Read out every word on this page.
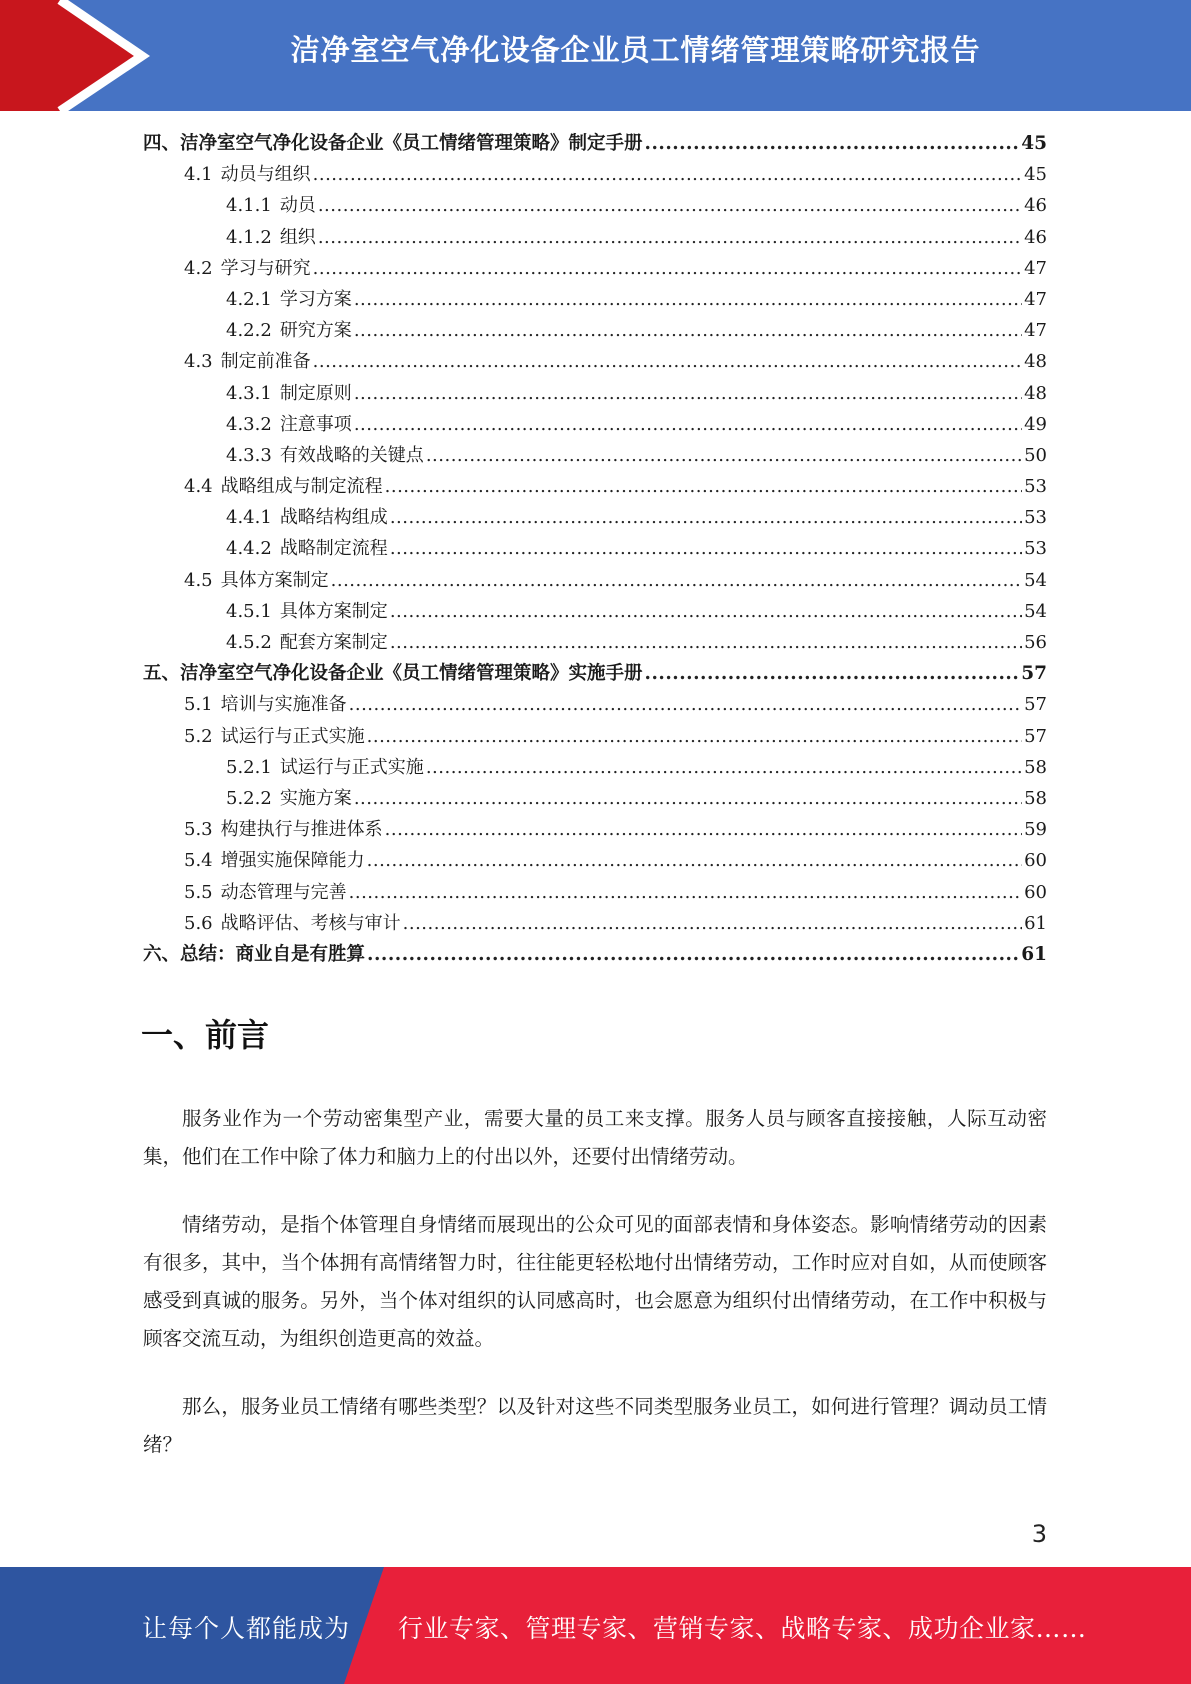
洁净室空气净化设备企业员工情绪管理策略研究报告
四、洁净室空气净化设备企业《员工情绪管理策略》制定手册 .....	45
4.1 动员与组织 .....	45
4.1.1 动员 .....	46
4.1.2 组织 .....	46
4.2 学习与研究 .....	47
4.2.1 学习方案 .....	47
4.2.2 研究方案 .....	47
4.3 制定前准备 .....	48
4.3.1 制定原则 .....	48
4.3.2 注意事项 .....	49
4.3.3 有效战略的关键点 .....	50
4.4 战略组成与制定流程 .....	53
4.4.1 战略结构组成 .....	53
4.4.2 战略制定流程 .....	53
4.5 具体方案制定 .....	54
4.5.1 具体方案制定 .....	54
4.5.2 配套方案制定 .....	56
五、洁净室空气净化设备企业《员工情绪管理策略》实施手册 .....	57
5.1 培训与实施准备 .....	57
5.2 试运行与正式实施 .....	57
5.2.1 试运行与正式实施 .....	58
5.2.2 实施方案 .....	58
5.3 构建执行与推进体系 .....	59
5.4 增强实施保障能力 .....	60
5.5 动态管理与完善 .....	60
5.6 战略评估、考核与审计 .....	61
六、总结：商业自是有胜算 .....	61
一、前言

服务业作为一个劳动密集型产业，需要大量的员工来支撑。服务人员与顾客直接接触，人际互动密集，他们在工作中除了体力和脑力上的付出以外，还要付出情绪劳动。

情绪劳动，是指个体管理自身情绪而展现出的公众可见的面部表情和身体姿态。影响情绪劳动的因素有很多，其中，当个体拥有高情绪智力时，往往能更轻松地付出情绪劳动，工作时应对自如，从而使顾客感受到真诚的服务。另外，当个体对组织的认同感高时，也会愿意为组织付出情绪劳动，在工作中积极与顾客交流互动，为组织创造更高的效益。

那么，服务业员工情绪有哪些类型？以及针对这些不同类型服务业员工，如何进行管理？调动员工情绪？

3
让每个人都能成为 行业专家、管理专家、营销专家、战略专家、成功企业家……
